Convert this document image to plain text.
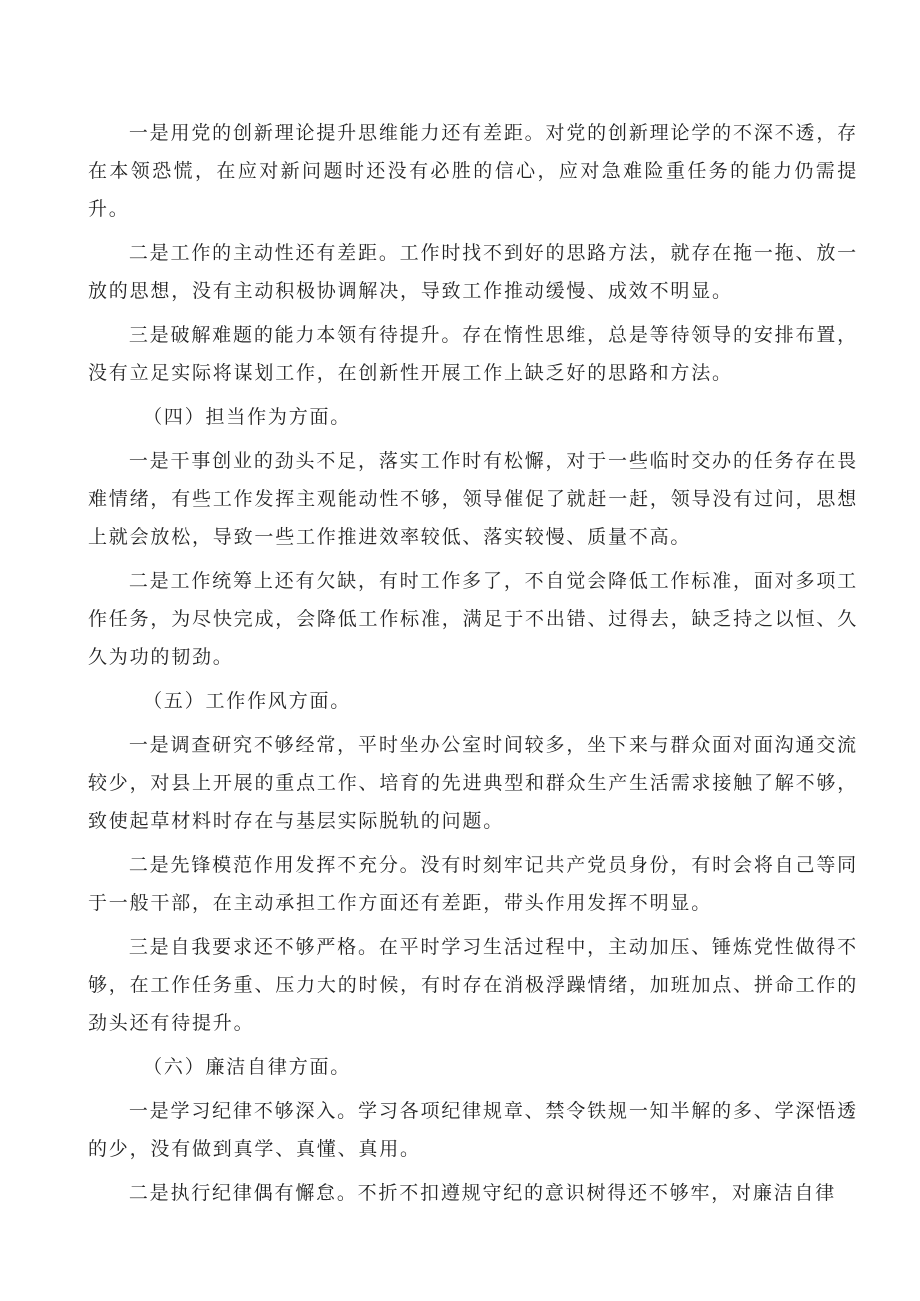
一是用党的创新理论提升思维能力还有差距。对党的创新理论学的不深不透，存在本领恐慌，在应对新问题时还没有必胜的信心，应对急难险重任务的能力仍需提升。

二是工作的主动性还有差距。工作时找不到好的思路方法，就存在拖一拖、放一放的思想，没有主动积极协调解决，导致工作推动缓慢、成效不明显。

三是破解难题的能力本领有待提升。存在惰性思维，总是等待领导的安排布置，没有立足实际将谋划工作，在创新性开展工作上缺乏好的思路和方法。

（四）担当作为方面。

一是干事创业的劲头不足，落实工作时有松懈，对于一些临时交办的任务存在畏难情绪，有些工作发挥主观能动性不够，领导催促了就赶一赶，领导没有过问，思想上就会放松，导致一些工作推进效率较低、落实较慢、质量不高。

二是工作统筹上还有欠缺，有时工作多了，不自觉会降低工作标准，面对多项工作任务，为尽快完成，会降低工作标准，满足于不出错、过得去，缺乏持之以恒、久久为功的韧劲。

（五）工作作风方面。

一是调查研究不够经常，平时坐办公室时间较多，坐下来与群众面对面沟通交流较少，对县上开展的重点工作、培育的先进典型和群众生产生活需求接触了解不够，致使起草材料时存在与基层实际脱轨的问题。

二是先锋模范作用发挥不充分。没有时刻牢记共产党员身份，有时会将自己等同于一般干部，在主动承担工作方面还有差距，带头作用发挥不明显。

三是自我要求还不够严格。在平时学习生活过程中，主动加压、锤炼党性做得不够，在工作任务重、压力大的时候，有时存在消极浮躁情绪，加班加点、拼命工作的劲头还有待提升。

（六）廉洁自律方面。

一是学习纪律不够深入。学习各项纪律规章、禁令铁规一知半解的多、学深悟透的少，没有做到真学、真懂、真用。

二是执行纪律偶有懈怠。不折不扣遵规守纪的意识树得还不够牢，对廉洁自律
